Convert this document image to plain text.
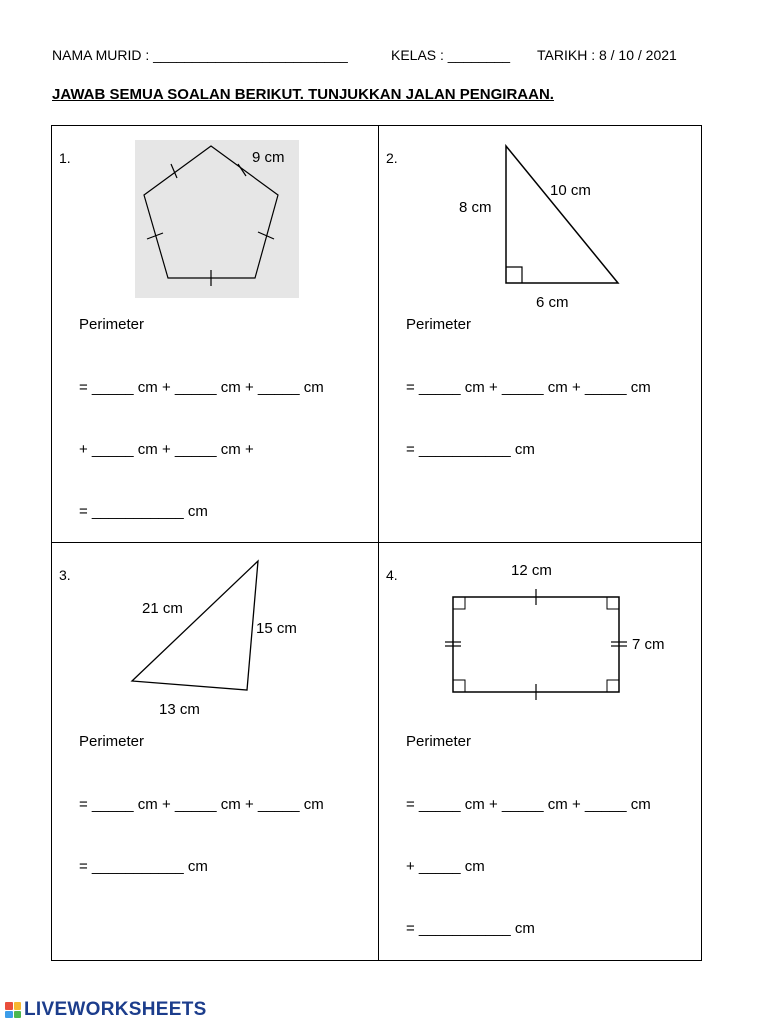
NAMA MURID : _________________________	KELAS : ________ TARIKH : 8 / 10 / 2021
JAWAB SEMUA SOALAN BERIKUT. TUNJUKKAN JALAN PENGIRAAN.
1.	9 cm
Perimeter
= _____ cm + _____ cm + _____ cm
+ _____ cm + _____ cm +
= ___________ cm
2.
8 cm
10 cm
6 cm
Perimeter
= _____ cm + _____ cm + _____ cm
= ___________ cm
3.
21 cm
15 cm
13 cm
Perimeter
= _____ cm + _____ cm + _____ cm
= ___________ cm
4.	12 cm
7 cm
Perimeter
= _____ cm + _____ cm + _____ cm
+ _____ cm
= ___________ cm
LIVEWORKSHEETS
